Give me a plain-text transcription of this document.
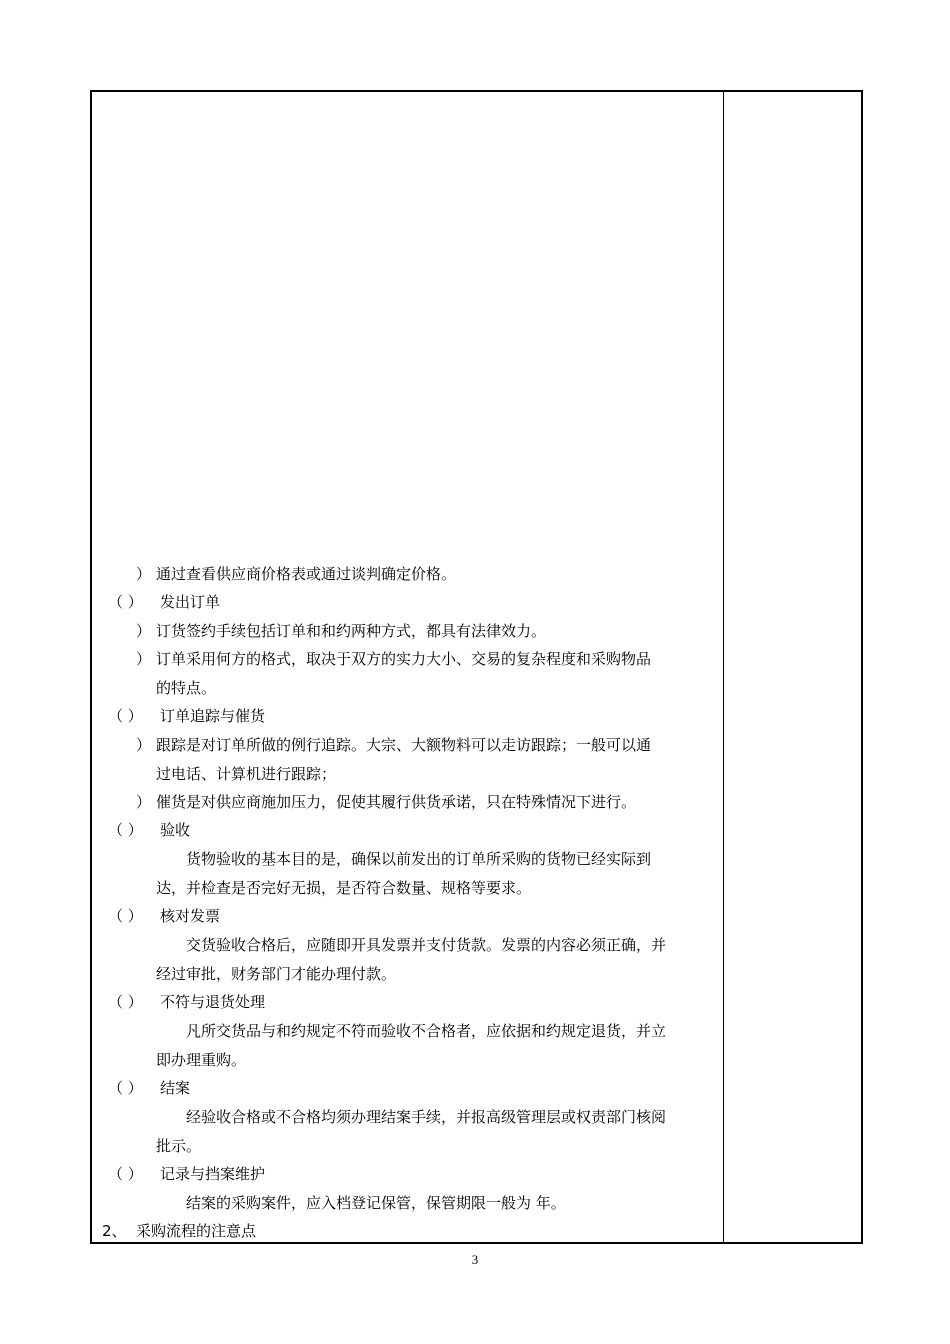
） 通过查看供应商价格表或通过谈判确定价格。
（ ） 发出订单
） 订货签约手续包括订单和和约两种方式，都具有法律效力。
） 订单采用何方的格式，取决于双方的实力大小、交易的复杂程度和采购物品
的特点。
（ ） 订单追踪与催货
） 跟踪是对订单所做的例行追踪。大宗、大额物料可以走访跟踪；一般可以通
过电话、计算机进行跟踪；
） 催货是对供应商施加压力，促使其履行供货承诺，只在特殊情况下进行。
（ ） 验收
货物验收的基本目的是，确保以前发出的订单所采购的货物已经实际到
达，并检查是否完好无损，是否符合数量、规格等要求。
（ ） 核对发票
交货验收合格后，应随即开具发票并支付货款。发票的内容必须正确，并
经过审批，财务部门才能办理付款。
（ ） 不符与退货处理
凡所交货品与和约规定不符而验收不合格者，应依据和约规定退货，并立
即办理重购。
（ ） 结案
经验收合格或不合格均须办理结案手续，并报高级管理层或权责部门核阅
批示。
（ ） 记录与挡案维护
结案的采购案件，应入档登记保管，保管期限一般为 年。
2、 采购流程的注意点
3
